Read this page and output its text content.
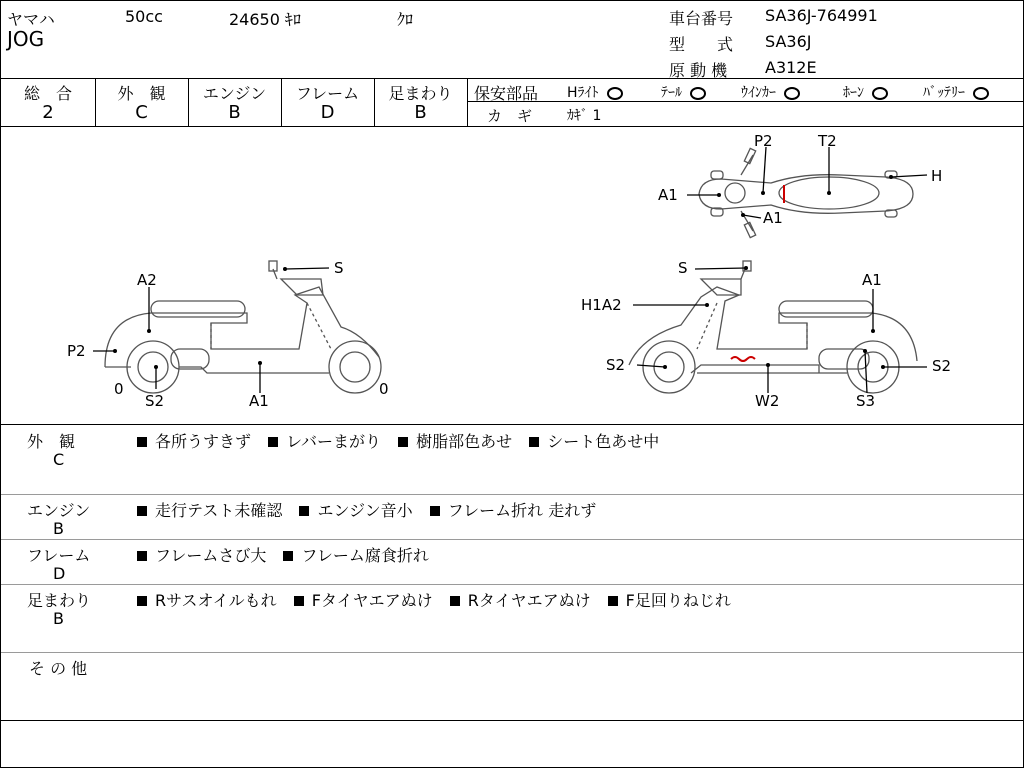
ヤマハ	50cc	24650 ｷﾛ	ｸﾛ
JOG
車台番号 SA36J-764991
型　　式 SA36J
原 動 機 A312E
総　合	外　観	エンジン	フレーム	足まわり
2	C	B	D	B
保安部品 Hﾗｲﾄ	ﾃｰﾙ	ｳｲﾝｶｰ	ﾎｰﾝ	ﾊﾞｯﾃﾘｰ
カ　ギ ｶｷﾞ 1
P2	T2
A1
A1
H
S
A2
P2
0
S2	A1
0
S
A1
H1A2
S2	S2
W2	S3
外　観
C
各所うすきず レバーまがり 樹脂部色あせ シート色あせ中
エンジン
B
走行テスト未確認 エンジン音小 フレーム折れ 走れず
フレーム
D
フレームさび大 フレーム腐食折れ
足まわり
B
Rサスオイルもれ Fタイヤエアぬけ Rタイヤエアぬけ F足回りねじれ
そ の 他
